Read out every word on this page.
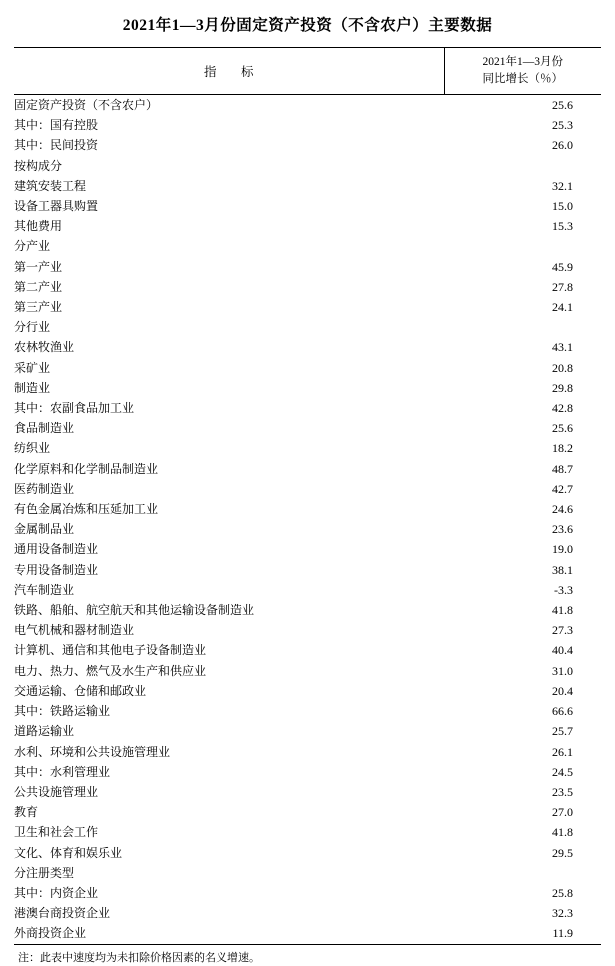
2021年1—3月份固定资产投资（不含农户）主要数据

指　标	2021年1—3月份
同比增长（％）

固定资产投资（不含农户）	25.6
其中：国有控股	25.3
其中：民间投资	26.0
按构成分	
建筑安装工程	32.1
设备工器具购置	15.0
其他费用	15.3
分产业	
第一产业	45.9
第二产业	27.8
第三产业	24.1
分行业	
农林牧渔业	43.1
采矿业	20.8
制造业	29.8
其中：农副食品加工业	42.8
食品制造业	25.6
纺织业	18.2
化学原料和化学制品制造业	48.7
医药制造业	42.7
有色金属冶炼和压延加工业	24.6
金属制品业	23.6
通用设备制造业	19.0
专用设备制造业	38.1
汽车制造业	-3.3
铁路、船舶、航空航天和其他运输设备制造业	41.8
电气机械和器材制造业	27.3
计算机、通信和其他电子设备制造业	40.4
电力、热力、燃气及水生产和供应业	31.0
交通运输、仓储和邮政业	20.4
其中：铁路运输业	66.6
道路运输业	25.7
水利、环境和公共设施管理业	26.1
其中：水利管理业	24.5
公共设施管理业	23.5
教育	27.0
卫生和社会工作	41.8
文化、体育和娱乐业	29.5
分注册类型	
其中：内资企业	25.8
港澳台商投资企业	32.3
外商投资企业	11.9

注：此表中速度均为未扣除价格因素的名义增速。
